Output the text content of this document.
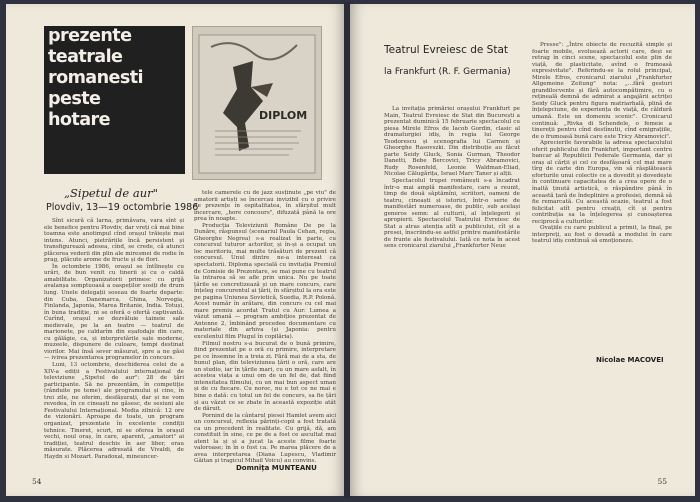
prezente
teatrale
romanesti
peste
hotare	DIPLOM
„Sipetul de aur"
Plovdiv, 13—19 octombrie 1986

Sînt sicură că larna, primăvara, vara sînt și ele benefice pentru Plovdiv, dar vreți că mai bine toamna este anotimpul cînd orașul trăiește mai intens. Atunci, pietrăriile încă persistent și transfigurează adesea, cînd, se crede, că atunci plăcerea vederii din plin ale miresmei de rodie în prag, plăcute arome de fructe și de flori.

În octombrie 1986, orașul se întîlnește cu urări, de bun venit cu tinerii și cu o caldă amabilitate. Organizatorii primesc cu grijă avalanșa somptuoasă a oaspeților sosiți de drum lung. Unele delegații soseau de foarte departe: din Cuba, Danemarca, China, Norvegia, Finlanda, Japonia, Marea Britanie, India. Totuși, în buna tradiție, ni se oferă o ofertă captivantă. Curînd, orașul se dezvăluie taineie sale medievale, pe la an teatre — teatrul de marionete, pe caldarîm din eșafodaje din care, cu gălăgie, ca, și interpretările sale moderne, muzeele, dispunere de culoare, tempi destinat viorilor. Mai însă sever măsurat, spre a ne găsi — ivirea prezentarea programelor în concurs.

Luni, 13 octombrie, deschiderea celei de a XIV-a ediții a Festivalului internațional de televiziune „Sipetul de aur": 28 de țări participante. Să ne prezentăm, în competiție (rânduite pe teme) ale programului și cine, în trei zile, ne oferim, desfășurați, dar și ne vom revedea, în ce cineaști ne găsesc, de sesiuni ale Festivalului Internațional. Media zilnică: 12 ore de vizionări. Aproape de toate, un program organizat, prezentate în excelente condiții tehnice. Tineret, scurt, ni se oferea în orașul vechi, noul oraș, în care, aparent, „amatori" ai tradiției, teatrul deschis în aer liber, erau măsurate. Plăcerea adresată de Vivaldi, de Haydn si Mozart. Paradoxal, mineuncer-

tele camerele cu de jazz susținute „pe viu" de amatorii artiști se încercau invizibil cu o privire de prezențe în ospitalitatea, în sfârșitul mult încercare, „hore concours", difuzată până la ore prea în noapte.

Producția Televiziunii Române De pe la Dunăre, răspunsul (scenariul Paula Cehan, regia, Gheorghe Negrea) s-a realizat în parte, cu concursul tuturor actorilor, și în-și a ocupat un loc meritoriu, mai multe trăsături de prezent că concursul. Unul dintre ne-a interesat ca spectatorii. Diploma specială cu invitația Premiul de Comisie de Prezentare, se mai pune cu teatrul la intrarea să se afle prin unica. Nu pe toate țările se concretizează și un mare concurs, care înțeleg concurentul ai țării, în sfârșitul la ora este pe pagina Uniunea Sovietică, Suedia, R.P. Polonă. Acest număr în arătare, din concurs cu cel mai mare premiu acordat Tratul cu Aur: Lumea a văzut umană — program ambițios prezentat de Antenne 2, îmbinând procedee documentare cu materiale din arhiva (și Japonia: pentru excelentul film Plugul în copilăria).

Filmul nostru s-a bucurat de o bună primire, fiind prezentat pe o oră cu primire, interpretare pe ce însemne în a treia zi. Fără mai de a sta, de bunul plan, din televiziunea țării o oră, care are un studio, iar în țările mari, cu un mare asfalt, în acestea viața a unui om de un fel de, dat fiind intensitatea filmului, cu un mai bun aspect uman și de cu fiecare. Cu noroc, nu e tot ce ne mai e bine o dată: cu totul un fel de concurs, sa fie țări și au văzut ce se zbate în această expoziție atât de dăruit.

Pornind de la cântarul piesei Hamlet avem aici un concursul, reflexia părinți-copii a fost tratată ca un precedent în realitate. Cu grijă, dă, am constituit în sine, ce pe de a fost ce ascultat mai atent la și și a jucat la aceste filme foarte valoroase; în în o fost ca. Pe marea plăcere de a avea interpretarea (Diana Lupescu, Vladimir Găitan și tragicul Mihail Voicu) au convins.

Domnița MUNTEANU
54
Teatrul Evreiesc de Stat
la Frankfurt (R. F. Germania)

La invitația primăriei orașului Frankfurt pe Main, Teatrul Evreiesc de Stat din București a prezentat duminică 15 februarie spectacolul cu piesa Mirele Efros de Iacob Gordin, clasic al dramaturgiei idiș, în regia lui George Teodorescu și scenografia lui Carmen și Gheorghe Rasovszki. Din distribuție au făcut parte Seidy Gluck, Sonia Gurman, Theodor Danetti, Bebe Bercovici, Tricy Abramovici, Rudy Rosenfeld, Leonie Waldman-Eliad, Nicolae Călugărița, Israel Marc Taner și alții.

Spectacolul trupei românești s-a încadrat într-o mai amplă manifestare, care a reunit, timp de două săptămîni, scriitori, oameni de teatru, cineaști și istorici, într-o serie de manifestări numeroase, de public, sub același generos semn: al culturii, al înțelegerii și apropierii. Spectacolul Teatrului Evreiesc de Stat a atras atenția atît a publicului, cît și a presei, înscriindu-se astfel printre manifestările de frunte ale festivalului. Iată ce nota în acest sens cronicarul ziarului „Frankfurter Neue

Presse": „Între obiecte de recuzită simple și foarte mobile, evoluează actorii care, deși se retrag în cinci scene, spectacolul este plin de viață, de plasticitate, avînd o frumoasă expresivitate". Referindu-se la rolul principal, Mirele Efros, cronicarul ziarului „Frankfurter Allgemeine Zeitung" nota: „...fără gesturi grandilocvente și fără autocompătimire, cu o rețineală demnă de admirat a angajării actriței Seidy Gluck pentru figura matriarhală, plină de înțelepciune, de experiența de viață, de căldură umană. Este un domeniu scenic". Cronicarul continuă: „Rivka di Schendele, o femeie a tinereții pentru cînd destînutii, cînd emigrațiile, de o frumoasă bună care este Tricy Abramovici".

Aprecierile favorabile la adresa spectacolului oferit publicului din Frankfurt, important centru bancar al Republicii Federale Germania, dar și oraș al cărții și cel ce desfășoară cel mai mare tîrg de carte din Europa, vin să răsplătească eforturile unui colectiv ce a dovedit și dovedește în continuare capacitatea de a crea opere de o înaltă ținută artistică, o răspândire până în această țară de îndeplinire a profesiei, demnă să fie remarcată. Cu această ocazie, teatrul a fost felicitat atît pentru creații, cît și pentru contribuția sa la înțelegerea și cunoașterea reciprocă a culturilor.

Ovațiile cu care publicul a primit, la final, pe interpreți, au fost o dovadă a modului în care teatrul idiș continuă să emoționeze.

Nicolae MACOVEI
55
